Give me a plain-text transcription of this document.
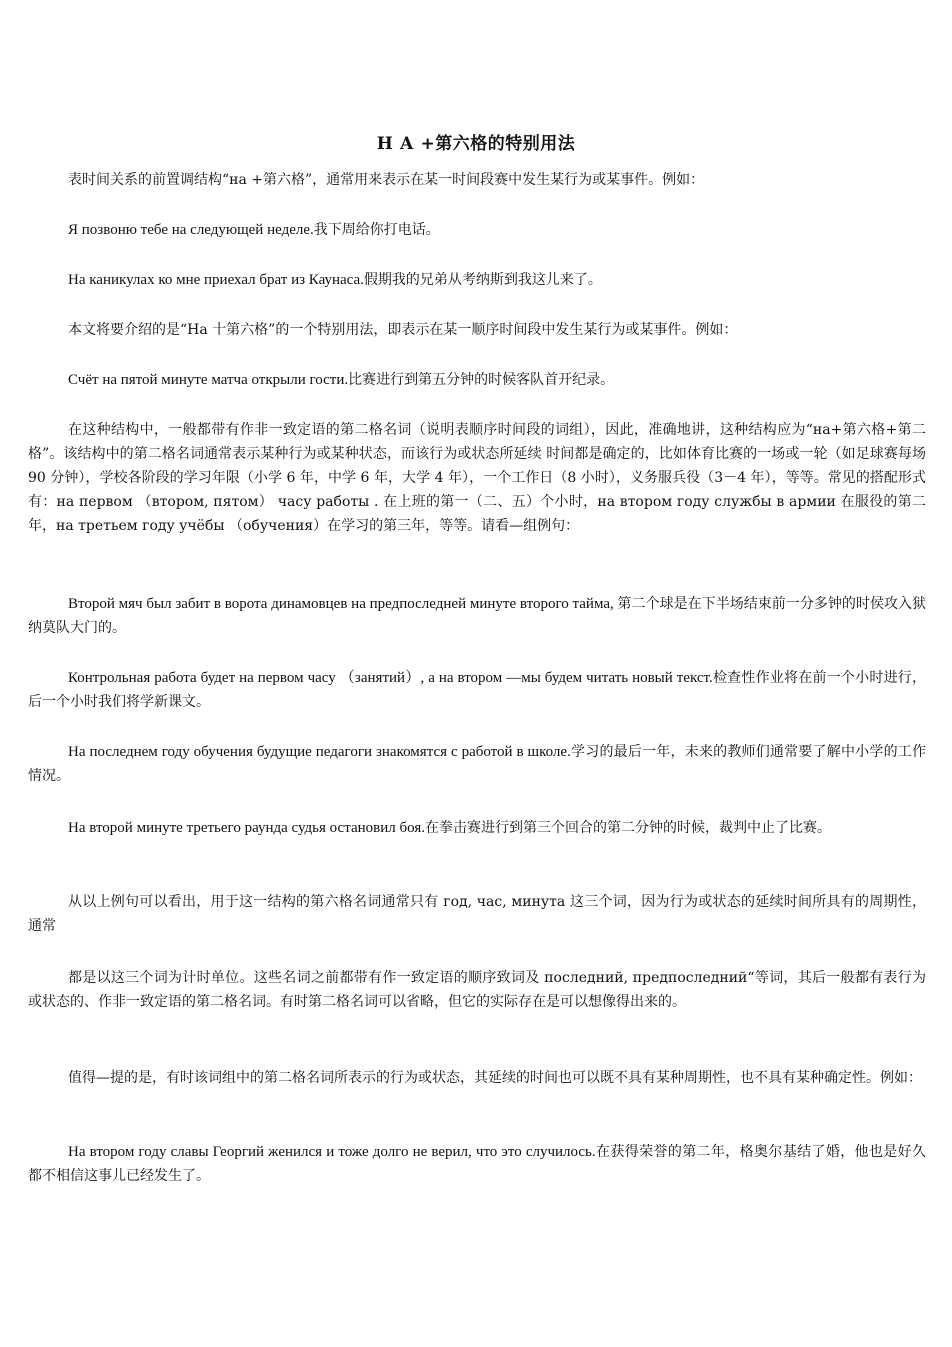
Н А +第六格的特别用法

表时间关系的前置调结构“на +第六格”，通常用来表示在某一时间段赛中发生某行为或某事件。例如：

Я позвоню тебе на следующей неделе.我下周给你打电话。

На каникулах ко мне приехал брат из Каунаса.假期我的兄弟从考纳斯到我这儿来了。

本文将要介绍的是“На 十第六格”的一个特别用法，即表示在某一顺序时间段中发生某行为或某事件。例如：

Счёт на пятой минуте матча открыли гости.比赛进行到第五分钟的时候客队首开纪录。

在这种结构中，一般都带有作非一致定语的第二格名词（说明表顺序时间段的词组），因此，准确地讲，这种结构应为“на+第六格+第二格”。该结构中的第二格名词通常表示某种行为或某种状态，而该行为或状态所延续 时间都是确定的，比如体育比赛的一场或一轮（如足球赛每场 90 分钟），学校各阶段的学习年限（小学 6 年，中学 6 年，大学 4 年），一个工作日（8 小时），义务服兵役（3－4 年），等等。常见的搭配形式有：на первом （втором, пятом） часу работы . 在上班的第一（二、五）个小时，на втором году службы в армии 在服役的第二年，на третьем году учёбы （обучения）在学习的第三年，等等。请看—组例句：

Второй мяч был забит в ворота динамовцев на предпоследней минуте второго тайма, 第二个球是在下半场结束前一分多钟的时侯攻入狱纳莫队大门的。

Контрольная работа будет на первом часу （занятий）, а на втором —мы будем читать новый текст.检查性作业将在前一个小时进行，后一个小时我们将学新课文。

На последнем году обучения будущие педагоги знакомятся с работой в школе.学习的最后一年，未来的教师们通常要了解中小学的工作情况。

На второй минуте третьего раунда судья остановил боя.在拳击赛进行到第三个回合的第二分钟的时候，裁判中止了比赛。

从以上例句可以看出，用于这一结构的第六格名词通常只有 год, час, минута 这三个词，因为行为或状态的延续时间所具有的周期性，通常

都是以这三个词为计时单位。这些名词之前都带有作一致定语的顺序致词及 последний, предпоследний“等词，其后一般都有表行为或状态的、作非一致定语的第二格名词。有时第二格名词可以省略，但它的实际存在是可以想像得出来的。

值得—提的是，有时该词组中的第二格名词所表示的行为或状态，其延续的时间也可以既不具有某种周期性，也不具有某种确定性。例如：

На втором году славы Георгий женился и тоже долго не верил, что это случилось.在获得荣誉的第二年，格奥尔基结了婚，他也是好久都不相信这事儿已经发生了。
